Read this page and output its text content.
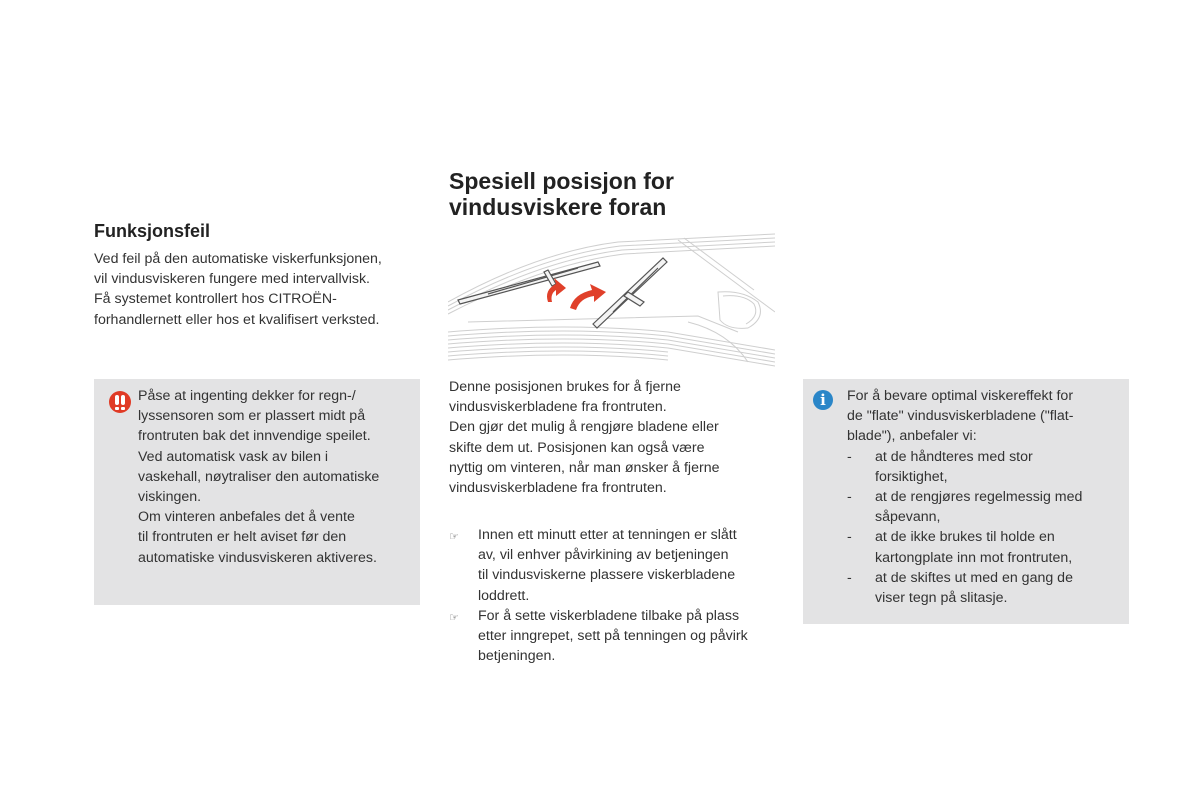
Funksjonsfeil
Ved feil på den automatiske viskerfunksjonen,
vil vindusviskeren fungere med intervallvisk.
Få systemet kontrollert hos CITROËN-
forhandlernett eller hos et kvalifisert verksted.
Påse at ingenting dekker for regn-/
lyssensoren som er plassert midt på
frontruten bak det innvendige speilet.
Ved automatisk vask av bilen i
vaskehall, nøytraliser den automatiske
viskingen.
Om vinteren anbefales det å vente
til frontruten er helt aviset før den
automatiske vindusviskeren aktiveres.
Spesiell posisjon for
vindusviskere foran
Denne posisjonen brukes for å fjerne
vindusviskerbladene fra frontruten.
Den gjør det mulig å rengjøre bladene eller
skifte dem ut. Posisjonen kan også være
nyttig om vinteren, når man ønsker å fjerne
vindusviskerbladene fra frontruten.
☞	Innen ett minutt etter at tenningen er slått
av, vil enhver påvirkining av betjeningen
til vindusviskerne plassere viskerbladene
loddrett.
☞	For å sette viskerbladene tilbake på plass
etter inngrepet, sett på tenningen og påvirk
betjeningen.
i	For å bevare optimal viskereffekt for
de "flate" vindusviskerbladene ("flat-
blade"), anbefaler vi:
-	at de håndteres med stor
forsiktighet,
-	at de rengjøres regelmessig med
såpevann,
-	at de ikke brukes til holde en
kartongplate inn mot frontruten,
-	at de skiftes ut med en gang de
viser tegn på slitasje.
